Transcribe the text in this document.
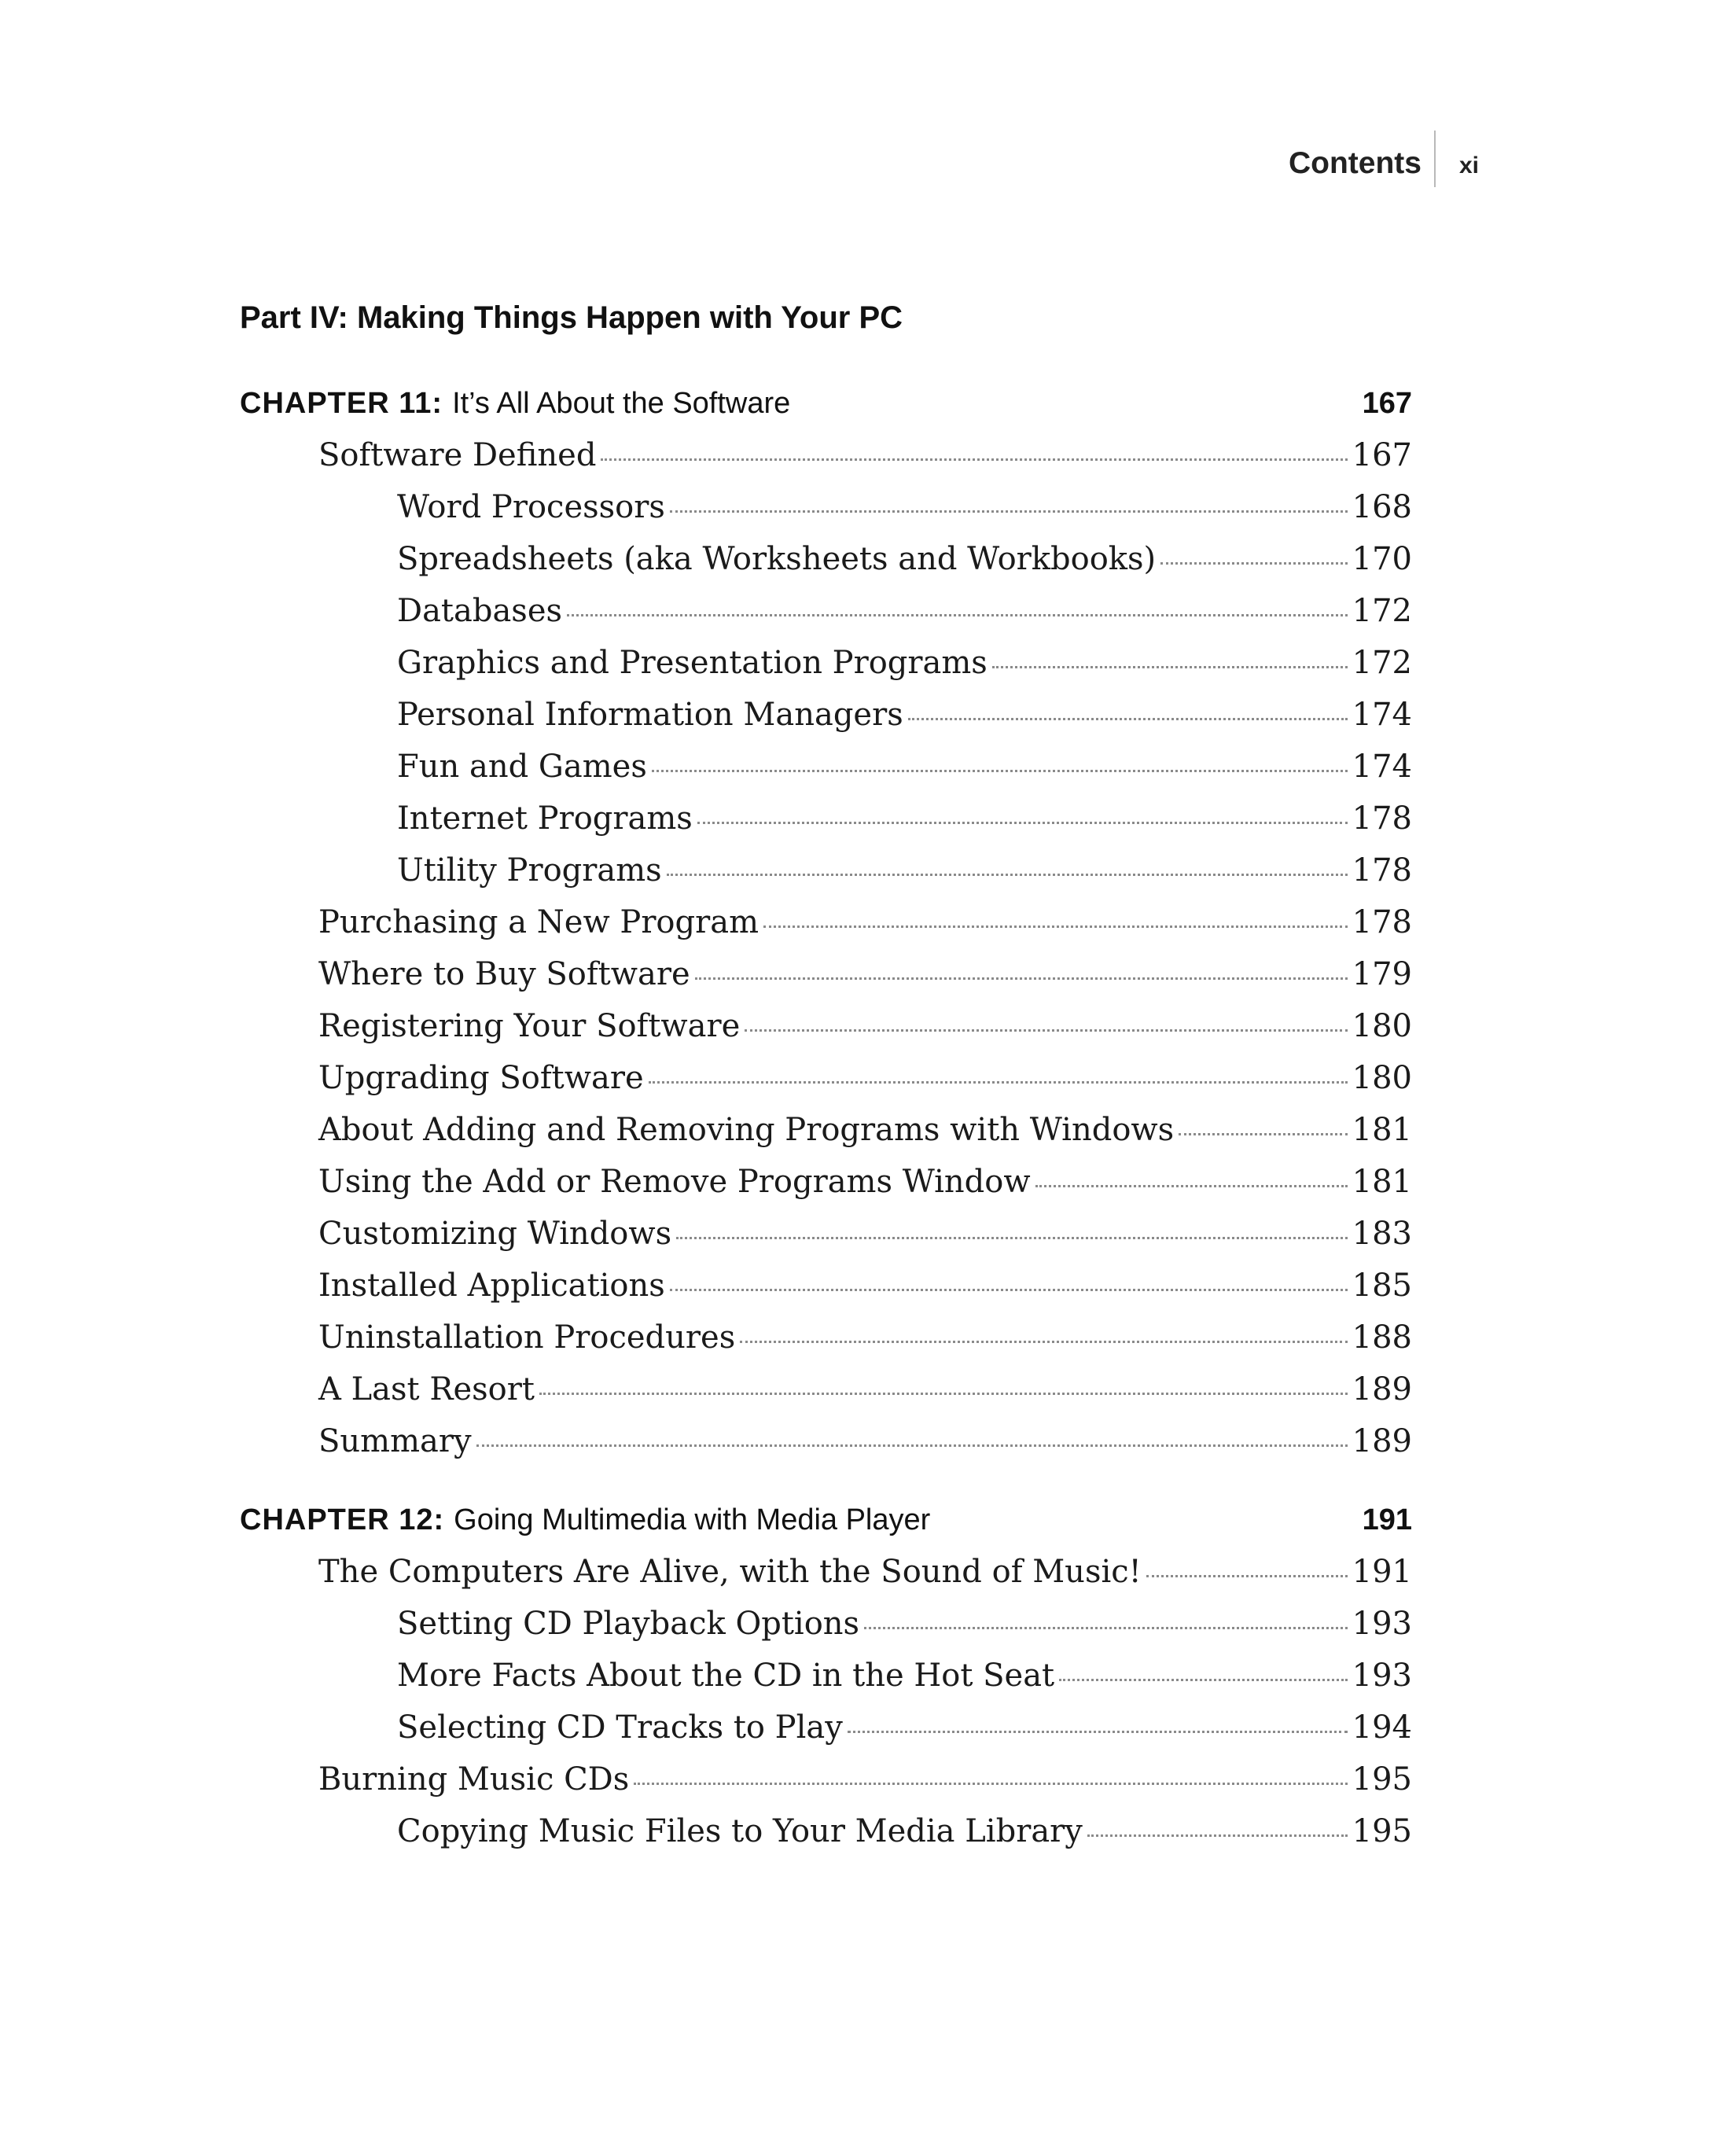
Contents xi
Part IV: Making Things Happen with Your PC
CHAPTER 11: It’s All About the Software	167
Software Defined	167
Word Processors	168
Spreadsheets (aka Worksheets and Workbooks)	170
Databases	172
Graphics and Presentation Programs	172
Personal Information Managers	174
Fun and Games	174
Internet Programs	178
Utility Programs	178
Purchasing a New Program	178
Where to Buy Software	179
Registering Your Software	180
Upgrading Software	180
About Adding and Removing Programs with Windows	181
Using the Add or Remove Programs Window	181
Customizing Windows	183
Installed Applications	185
Uninstallation Procedures	188
A Last Resort	189
Summary	189
CHAPTER 12: Going Multimedia with Media Player	191
The Computers Are Alive, with the Sound of Music!	191
Setting CD Playback Options	193
More Facts About the CD in the Hot Seat	193
Selecting CD Tracks to Play	194
Burning Music CDs	195
Copying Music Files to Your Media Library	195
